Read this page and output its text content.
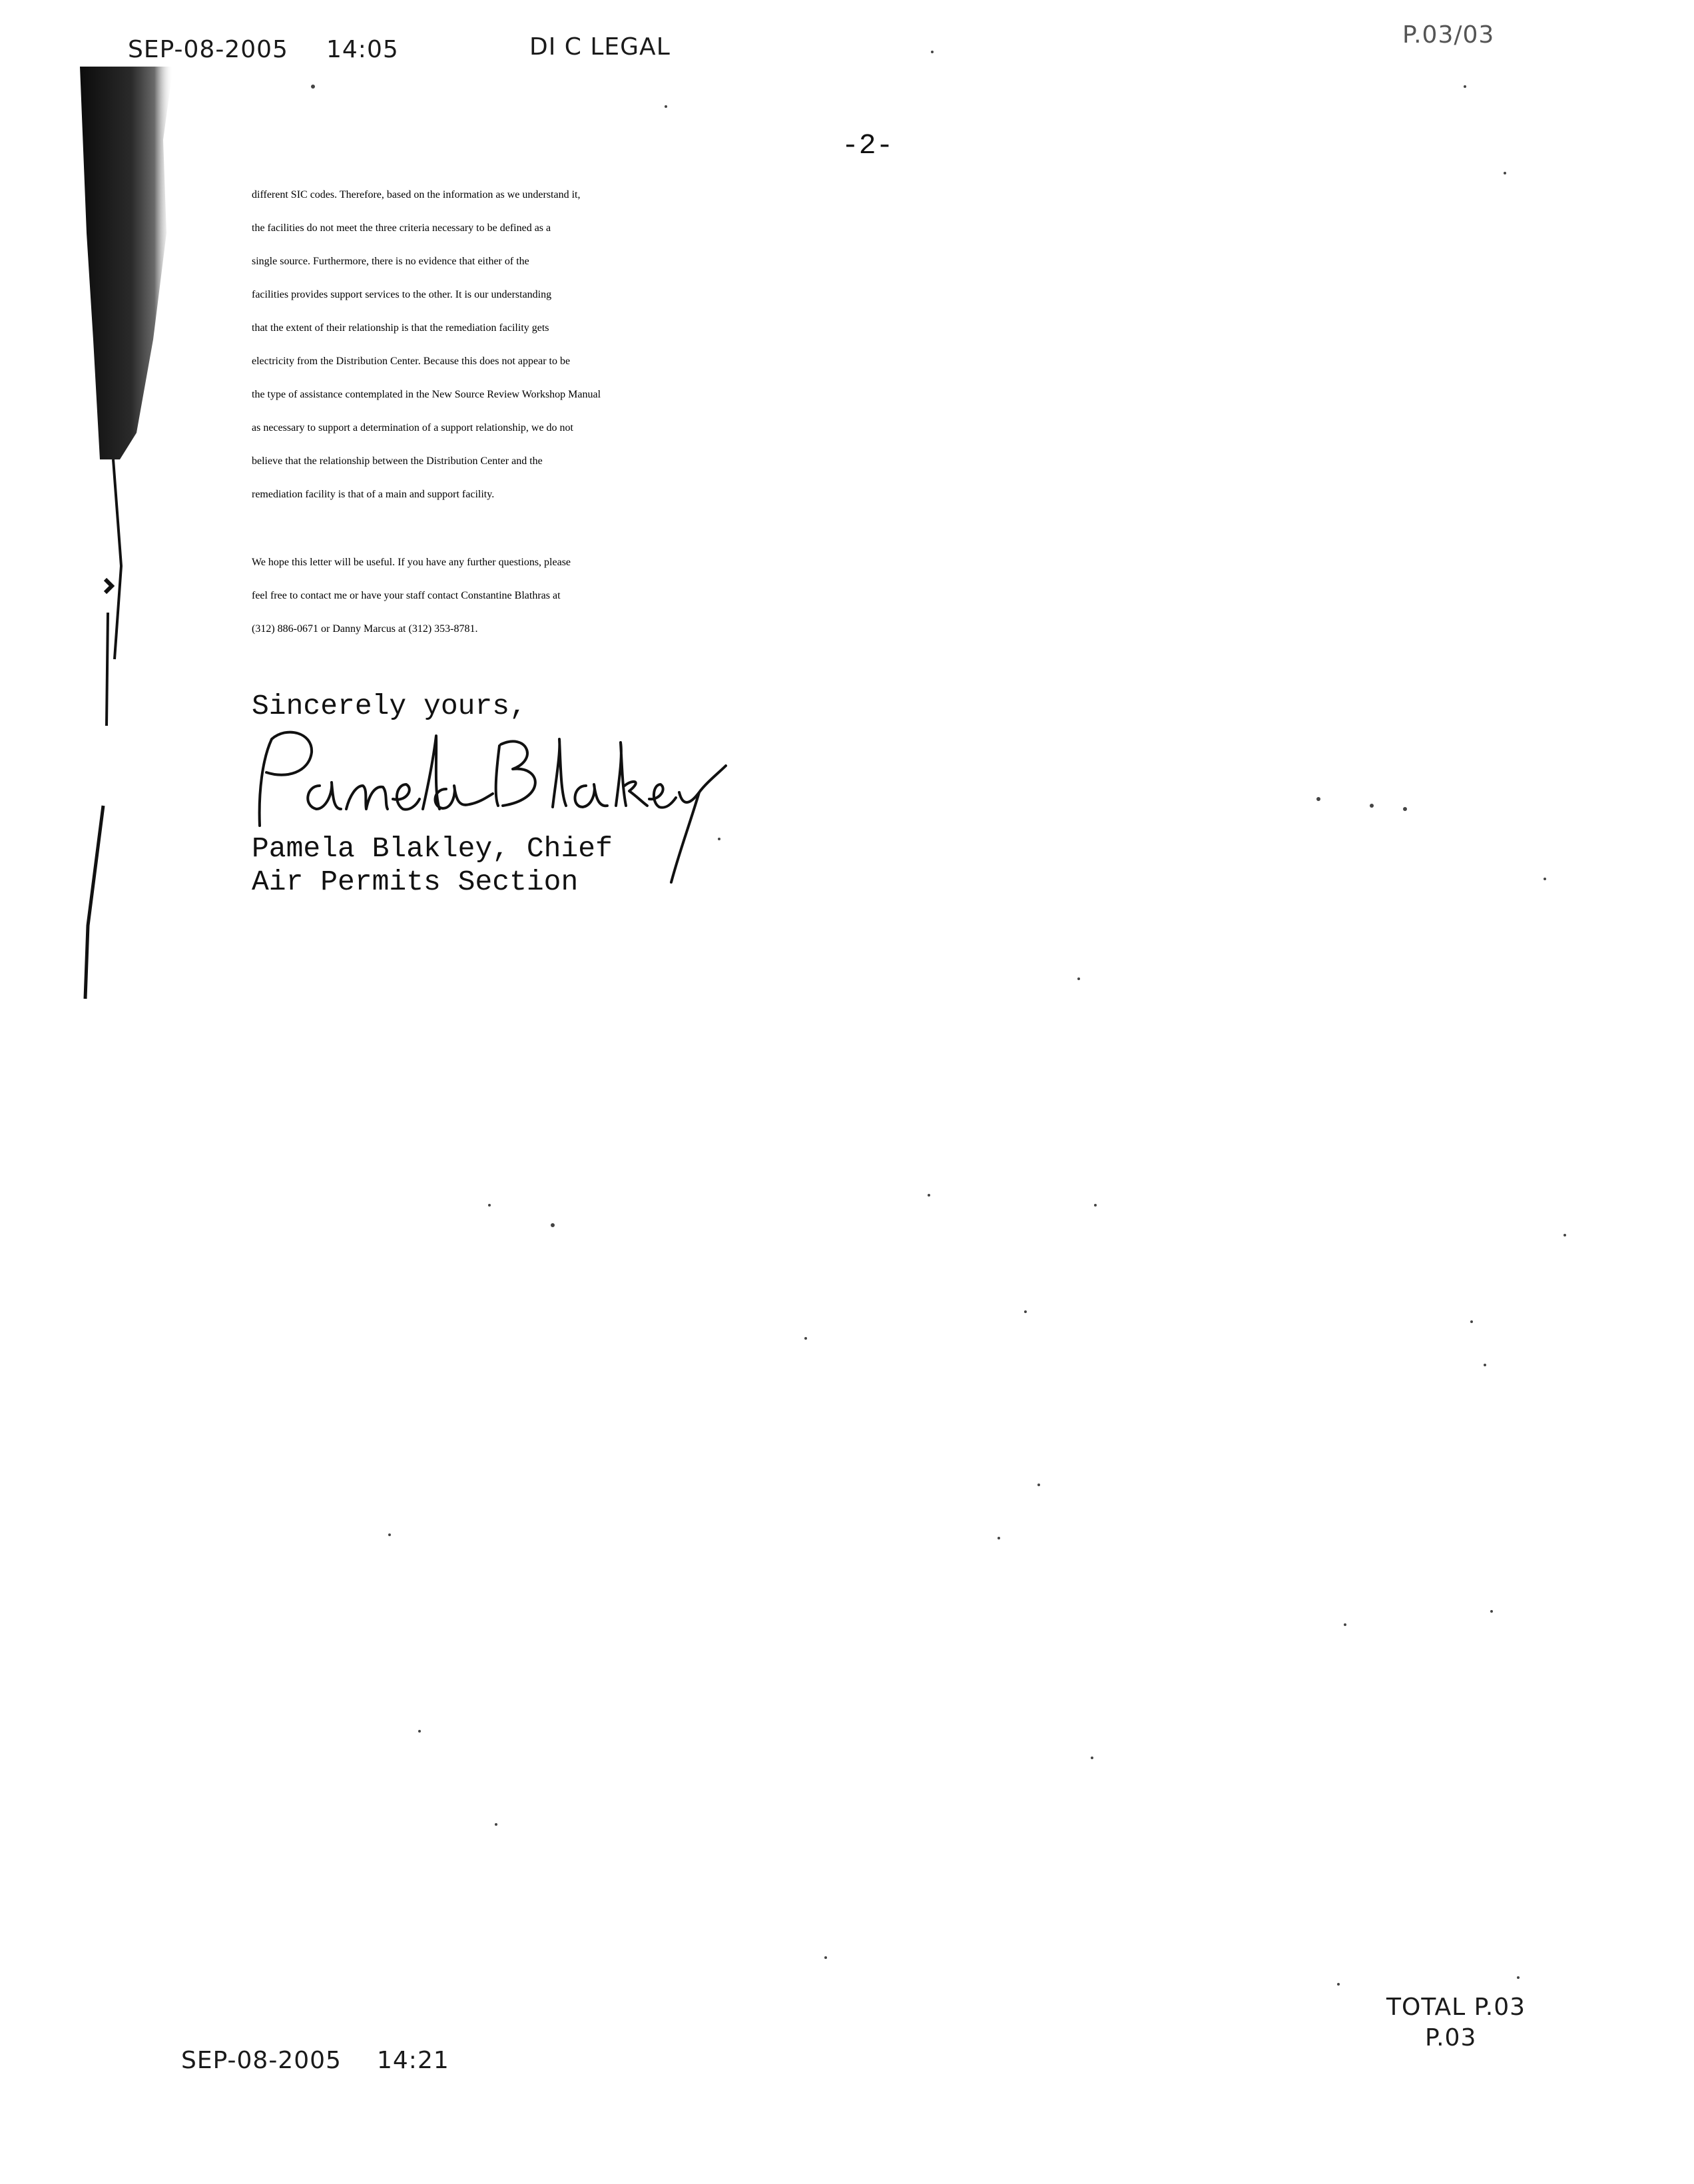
SEP-08-2005 14:05	DI C LEGAL	P.03/03
-2-
different SIC codes. Therefore, based on the information as we understand it,
the facilities do not meet the three criteria necessary to be defined as a
single source. Furthermore, there is no evidence that either of the
facilities provides support services to the other. It is our understanding
that the extent of their relationship is that the remediation facility gets
electricity from the Distribution Center. Because this does not appear to be
the type of assistance contemplated in the New Source Review Workshop Manual
as necessary to support a determination of a support relationship, we do not
believe that the relationship between the Distribution Center and the
remediation facility is that of a main and support facility.
We hope this letter will be useful. If you have any further questions, please
feel free to contact me or have your staff contact Constantine Blathras at
(312) 886-0671 or Danny Marcus at (312) 353-8781.
Sincerely yours,
Pamela Blakley, Chief
Air Permits Section
TOTAL P.03
P.03
SEP-08-2005 14:21
